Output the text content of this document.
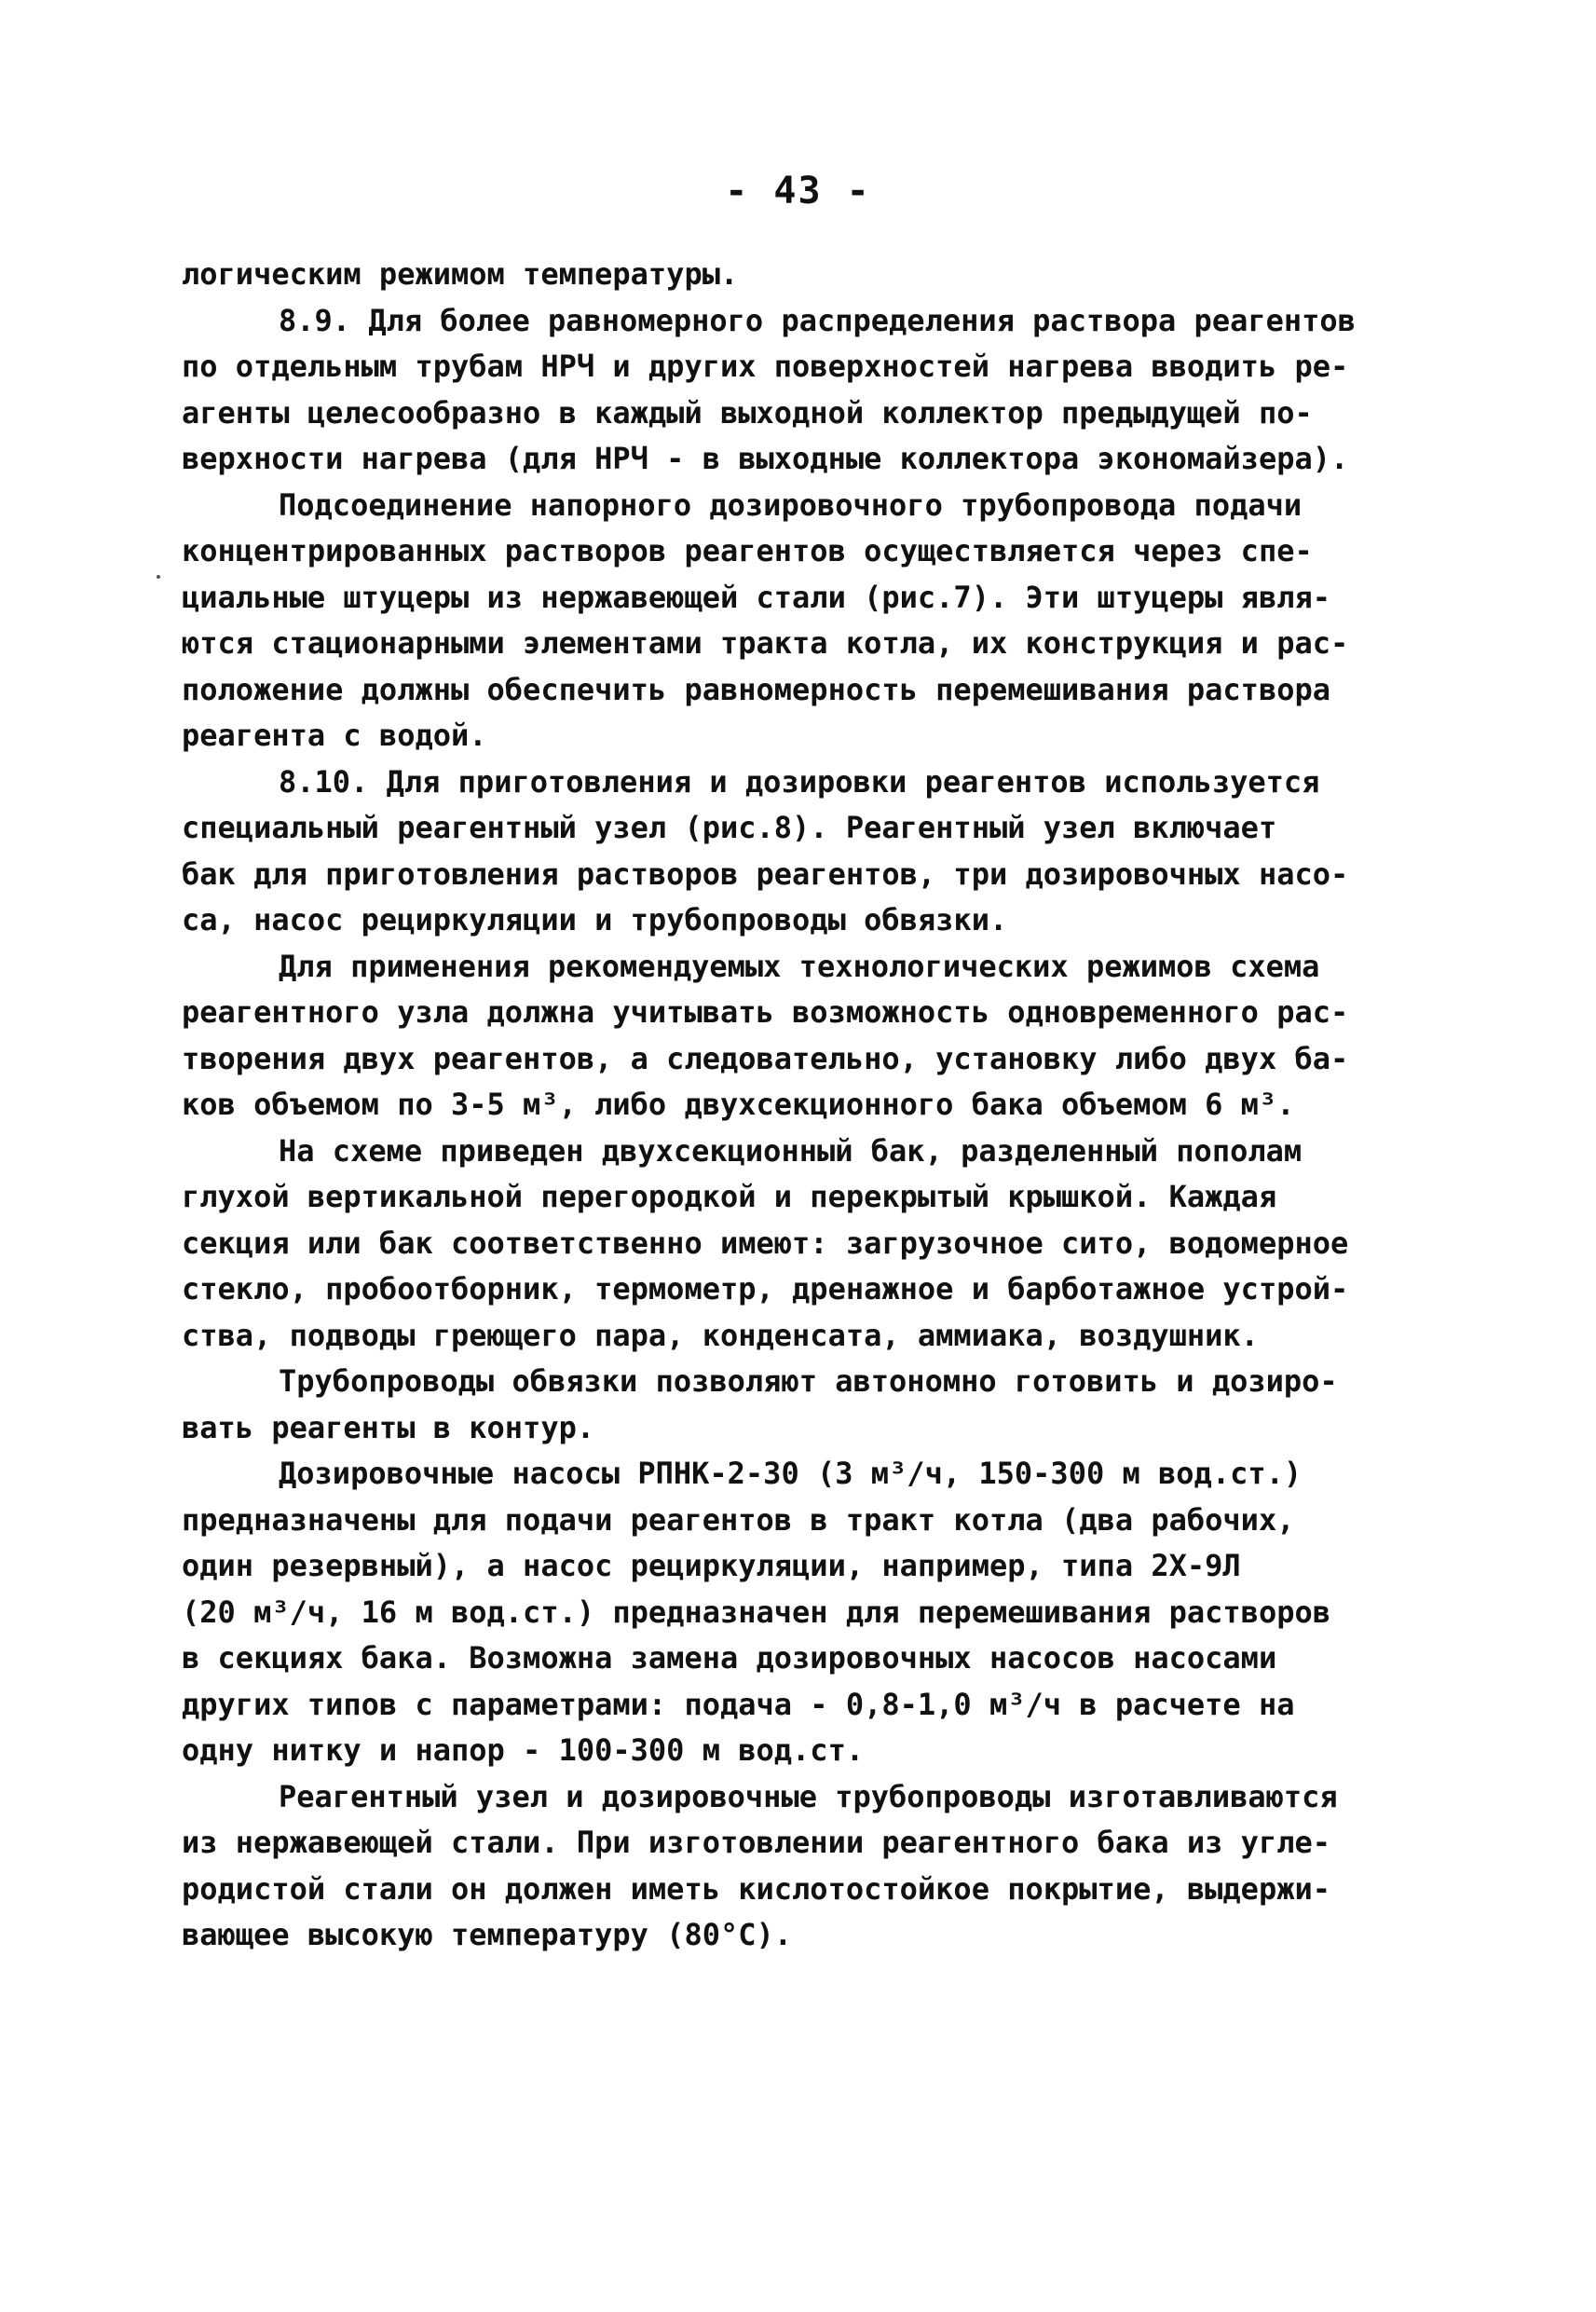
- 43 -
логическим режимом температуры.
8.9. Для более равномерного распределения раствора реагентов
по отдельным трубам НРЧ и других поверхностей нагрева вводить ре-
агенты целесообразно в каждый выходной коллектор предыдущей по-
верхности нагрева (для НРЧ - в выходные коллектора экономайзера).
Подсоединение напорного дозировочного трубопровода подачи
концентрированных растворов реагентов осуществляется через спе-
циальные штуцеры из нержавеющей стали (рис.7). Эти штуцеры явля-
ются стационарными элементами тракта котла, их конструкция и рас-
положение должны обеспечить равномерность перемешивания раствора
реагента с водой.
8.10. Для приготовления и дозировки реагентов используется
специальный реагентный узел (рис.8). Реагентный узел включает
бак для приготовления растворов реагентов, три дозировочных насо-
са, насос рециркуляции и трубопроводы обвязки.
Для применения рекомендуемых технологических режимов схема
реагентного узла должна учитывать возможность одновременного рас-
творения двух реагентов, а следовательно, установку либо двух ба-
ков объемом по 3-5 м³, либо двухсекционного бака объемом 6 м³.
На схеме приведен двухсекционный бак, разделенный пополам
глухой вертикальной перегородкой и перекрытый крышкой. Каждая
секция или бак соответственно имеют: загрузочное сито, водомерное
стекло, пробоотборник, термометр, дренажное и барботажное устрой-
ства, подводы греющего пара, конденсата, аммиака, воздушник.
Трубопроводы обвязки позволяют автономно готовить и дозиро-
вать реагенты в контур.
Дозировочные насосы РПНК-2-30 (3 м³/ч, 150-300 м вод.ст.)
предназначены для подачи реагентов в тракт котла (два рабочих,
один резервный), а насос рециркуляции, например, типа 2Х-9Л
(20 м³/ч, 16 м вод.ст.) предназначен для перемешивания растворов
в секциях бака. Возможна замена дозировочных насосов насосами
других типов с параметрами: подача - 0,8-1,0 м³/ч в расчете на
одну нитку и напор - 100-300 м вод.ст.
Реагентный узел и дозировочные трубопроводы изготавливаются
из нержавеющей стали. При изготовлении реагентного бака из угле-
родистой стали он должен иметь кислотостойкое покрытие, выдержи-
вающее высокую температуру (80°С).
